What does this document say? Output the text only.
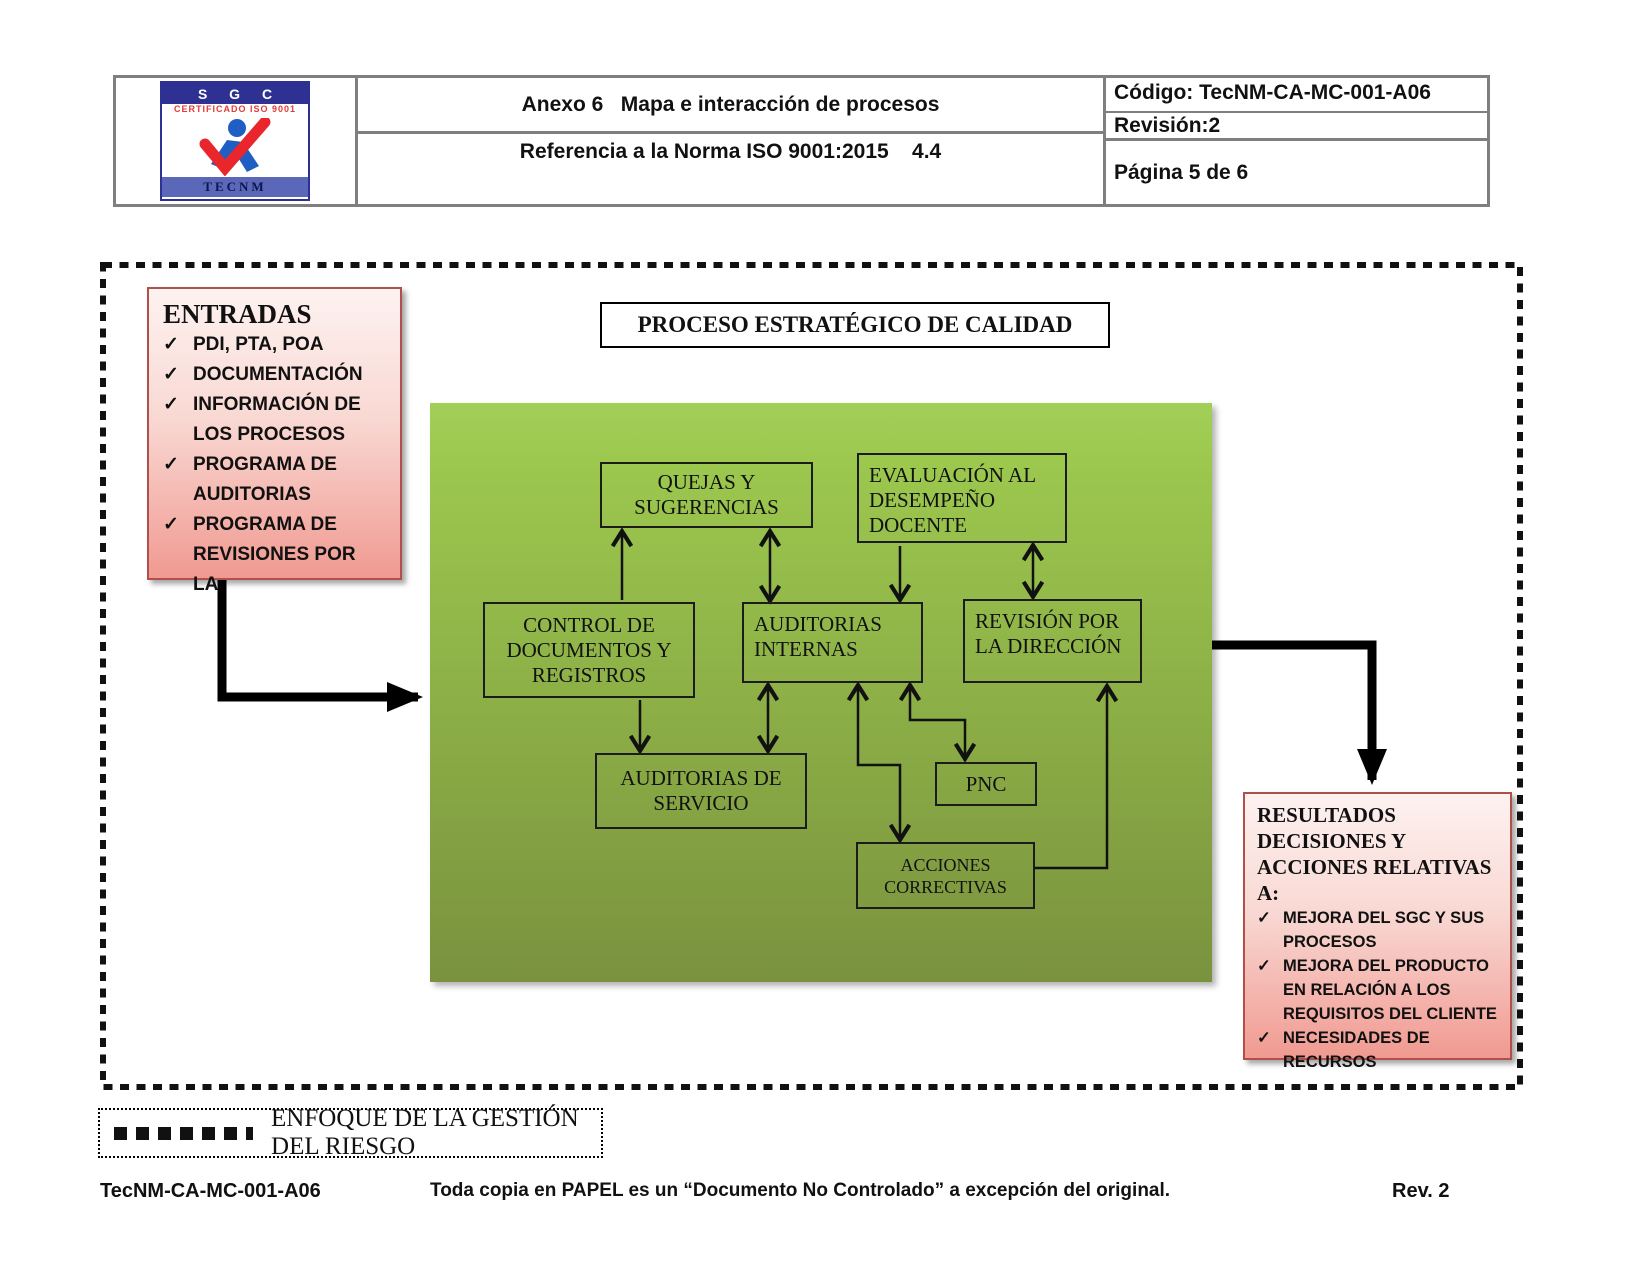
S G C
CERTIFICADO ISO 9001
TECNM
Anexo 6   Mapa e interacción de procesos
Referencia a la Norma ISO 9001:2015    4.4
Código: TecNM-CA-MC-001-A06
Revisión:2
Página 5 de 6
PROCESO ESTRATÉGICO DE CALIDAD
ENTRADAS
✓ PDI, PTA, POA
✓ DOCUMENTACIÓN
✓ INFORMACIÓN DE LOS PROCESOS
✓ PROGRAMA DE AUDITORIAS
✓ PROGRAMA DE REVISIONES POR LA
QUEJAS Y SUGERENCIAS
EVALUACIÓN AL DESEMPEÑO DOCENTE
CONTROL DE DOCUMENTOS Y REGISTROS
AUDITORIAS INTERNAS
REVISIÓN POR LA DIRECCIÓN
AUDITORIAS DE SERVICIO
PNC
ACCIONES CORRECTIVAS
RESULTADOS DECISIONES Y ACCIONES RELATIVAS A:
✓ MEJORA DEL SGC Y SUS PROCESOS
✓ MEJORA DEL PRODUCTO EN RELACIÓN A LOS REQUISITOS DEL CLIENTE
✓ NECESIDADES DE RECURSOS
ENFOQUE DE LA GESTIÓN DEL RIESGO
TecNM-CA-MC-001-A06	Toda copia en PAPEL es un “Documento No Controlado” a excepción del original.	Rev. 2
